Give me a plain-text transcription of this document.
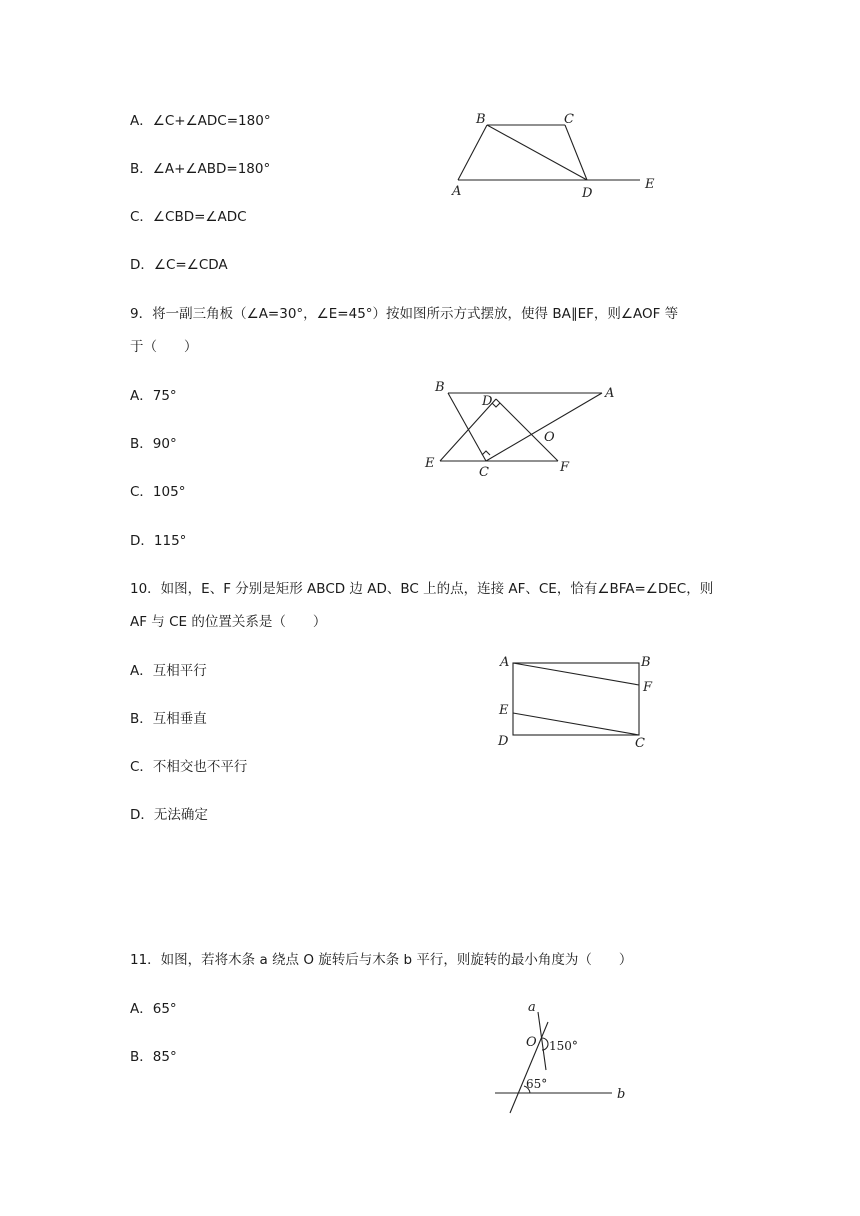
A．∠C+∠ADC=180°
B．∠A+∠ABD=180°
C．∠CBD=∠ADC
D．∠C=∠CDA
B	C
A	D
E
9．将一副三角板（∠A=30°，∠E=45°）按如图所示方式摆放，使得 BA∥EF，则∠AOF 等
于（　　）
A．75°
B．90°
C．105°
D．115°
B	A
D
O
E
C	F
10．如图，E、F 分别是矩形 ABCD 边 AD、BC 上的点，连接 AF、CE，恰有∠BFA=∠DEC，则
AF 与 CE 的位置关系是（　　）
A．互相平行
B．互相垂直
C．不相交也不平行
D．无法确定
A	B
F
E
D	C
11．如图，若将木条 a 绕点 O 旋转后与木条 b 平行，则旋转的最小角度为（　　）
A．65°
B．85°
a
O 150°
65°
b
